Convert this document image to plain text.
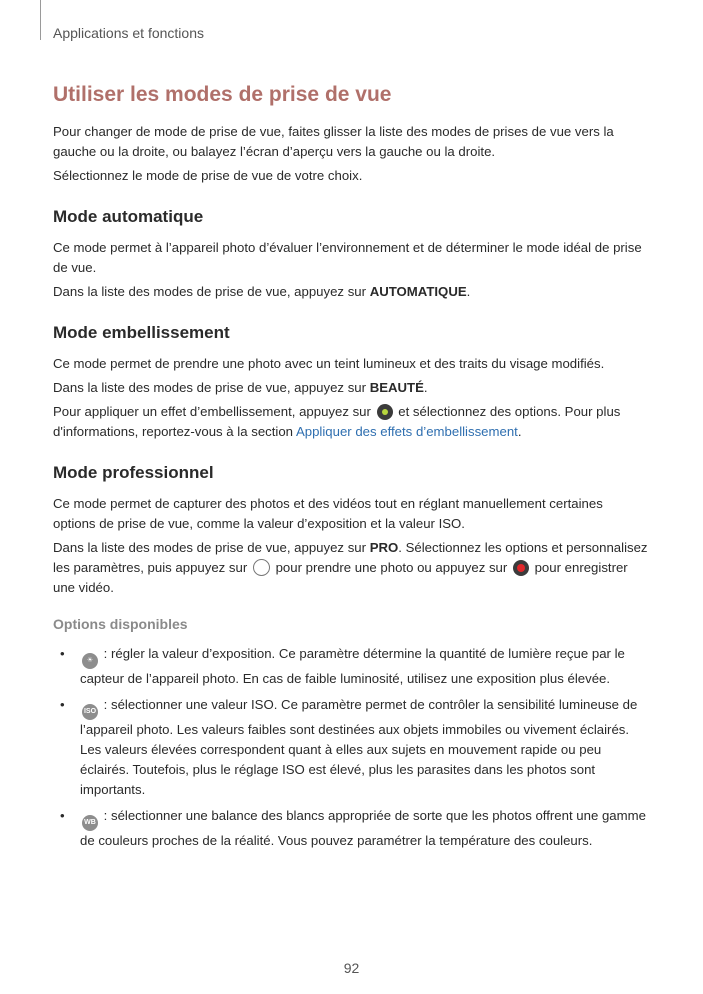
Applications et fonctions
Utiliser les modes de prise de vue

Pour changer de mode de prise de vue, faites glisser la liste des modes de prises de vue vers la gauche ou la droite, ou balayez l’écran d’aperçu vers la gauche ou la droite.

Sélectionnez le mode de prise de vue de votre choix.

Mode automatique

Ce mode permet à l’appareil photo d’évaluer l’environnement et de déterminer le mode idéal de prise de vue.

Dans la liste des modes de prise de vue, appuyez sur AUTOMATIQUE.

Mode embellissement

Ce mode permet de prendre une photo avec un teint lumineux et des traits du visage modifiés.

Dans la liste des modes de prise de vue, appuyez sur BEAUTÉ.

Pour appliquer un effet d’embellissement, appuyez sur  et sélectionnez des options. Pour plus d'informations, reportez-vous à la section Appliquer des effets d’embellissement.

Mode professionnel

Ce mode permet de capturer des photos et des vidéos tout en réglant manuellement certaines options de prise de vue, comme la valeur d’exposition et la valeur ISO.

Dans la liste des modes de prise de vue, appuyez sur PRO. Sélectionnez les options et personnalisez les paramètres, puis appuyez sur  pour prendre une photo ou appuyez sur  pour enregistrer une vidéo.

Options disponibles
•	☀ : régler la valeur d’exposition. Ce paramètre détermine la quantité de lumière reçue par le capteur de l’appareil photo. En cas de faible luminosité, utilisez une exposition plus élevée.
•	ISO : sélectionner une valeur ISO. Ce paramètre permet de contrôler la sensibilité lumineuse de l’appareil photo. Les valeurs faibles sont destinées aux objets immobiles ou vivement éclairés. Les valeurs élevées correspondent quant à elles aux sujets en mouvement rapide ou peu éclairés. Toutefois, plus le réglage ISO est élevé, plus les parasites dans les photos sont importants.
•	WB : sélectionner une balance des blancs appropriée de sorte que les photos offrent une gamme de couleurs proches de la réalité. Vous pouvez paramétrer la température des couleurs.
92
